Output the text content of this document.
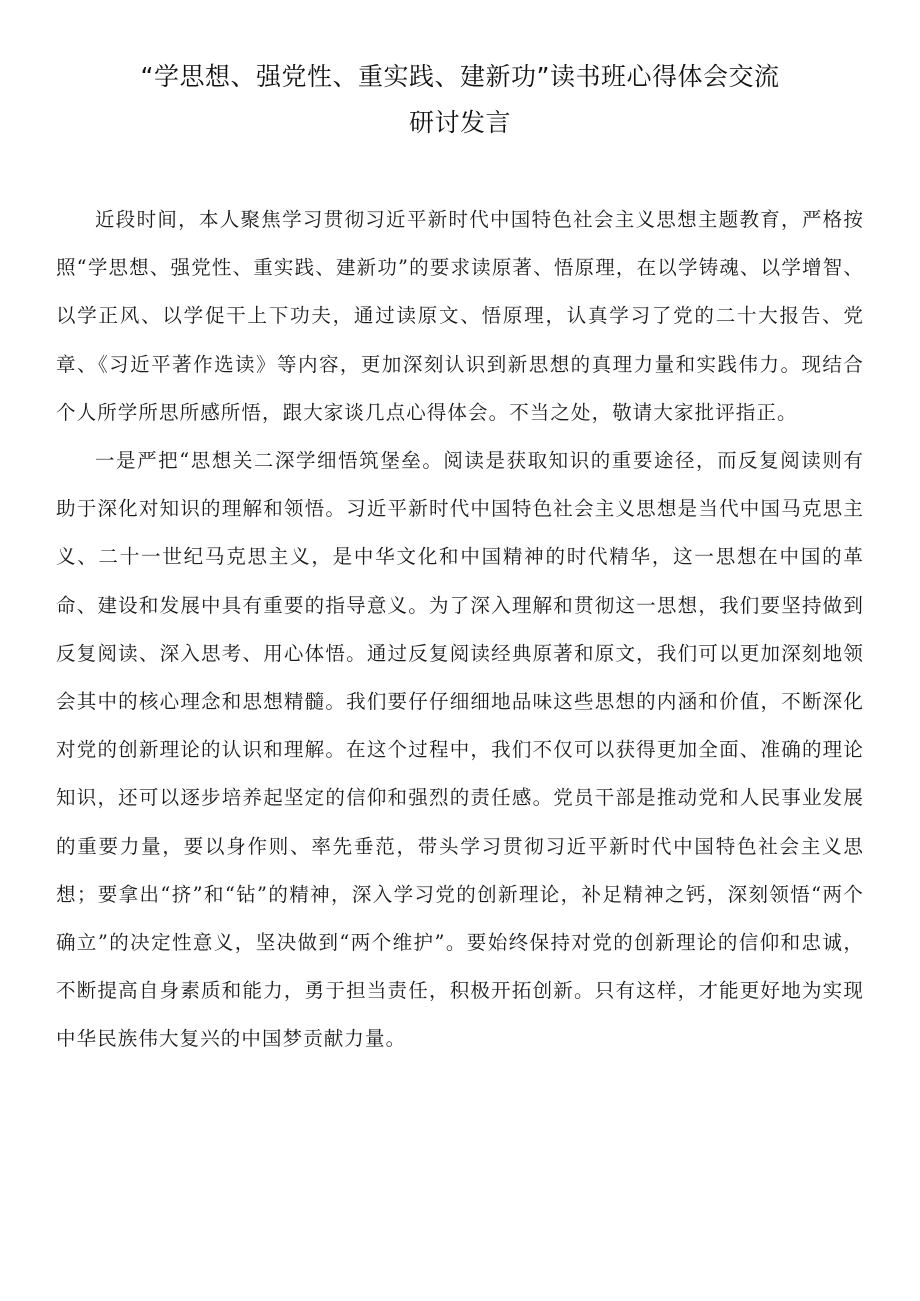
“学思想、强党性、重实践、建新功”读书班心得体会交流
研讨发言

近段时间，本人聚焦学习贯彻习近平新时代中国特色社会主义思想主题教育，严格按照“学思想、强党性、重实践、建新功”的要求读原著、悟原理，在以学铸魂、以学增智、以学正风、以学促干上下功夫，通过读原文、悟原理，认真学习了党的二十大报告、党章、《习近平著作选读》等内容，更加深刻认识到新思想的真理力量和实践伟力。现结合个人所学所思所感所悟，跟大家谈几点心得体会。不当之处，敬请大家批评指正。

一是严把“思想关二深学细悟筑堡垒。阅读是获取知识的重要途径，而反复阅读则有助于深化对知识的理解和领悟。习近平新时代中国特色社会主义思想是当代中国马克思主义、二十一世纪马克思主义，是中华文化和中国精神的时代精华，这一思想在中国的革命、建设和发展中具有重要的指导意义。为了深入理解和贯彻这一思想，我们要坚持做到反复阅读、深入思考、用心体悟。通过反复阅读经典原著和原文，我们可以更加深刻地领会其中的核心理念和思想精髓。我们要仔仔细细地品味这些思想的内涵和价值，不断深化对党的创新理论的认识和理解。在这个过程中，我们不仅可以获得更加全面、准确的理论知识，还可以逐步培养起坚定的信仰和强烈的责任感。党员干部是推动党和人民事业发展的重要力量，要以身作则、率先垂范，带头学习贯彻习近平新时代中国特色社会主义思想；要拿出“挤”和“钻”的精神，深入学习党的创新理论，补足精神之钙，深刻领悟“两个确立”的决定性意义，坚决做到“两个维护”。要始终保持对党的创新理论的信仰和忠诚，不断提高自身素质和能力，勇于担当责任，积极开拓创新。只有这样，才能更好地为实现中华民族伟大复兴的中国梦贡献力量。
